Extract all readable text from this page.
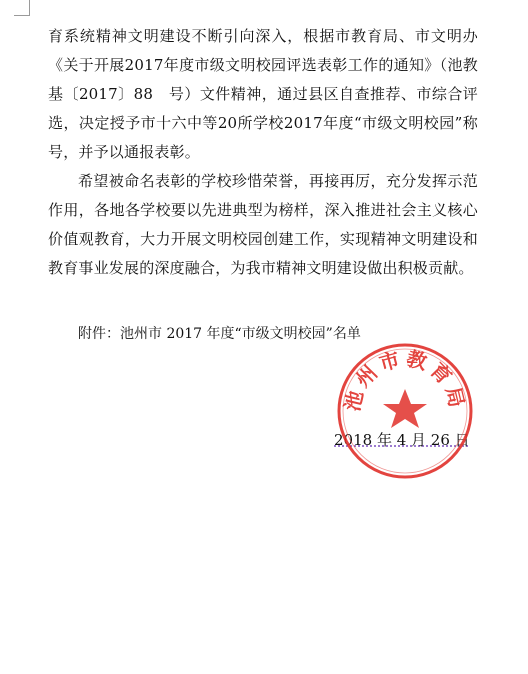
育系统精神文明建设不断引向深入，根据市教育局、市文明办《关于开展2017年度市级文明校园评选表彰工作的通知》（池教基〔2017〕88　号）文件精神，通过县区自查推荐、市综合评选，决定授予市十六中等20所学校2017年度“市级文明校园”称号，并予以通报表彰。

希望被命名表彰的学校珍惜荣誉，再接再厉，充分发挥示范作用，各地各学校要以先进典型为榜样，深入推进社会主义核心价值观教育，大力开展文明校园创建工作，实现精神文明建设和教育事业发展的深度融合，为我市精神文明建设做出积极贡献。

附件：池州市 2017 年度“市级文明校园”名单
2018 年 4 月 26 日
池州市教育局
